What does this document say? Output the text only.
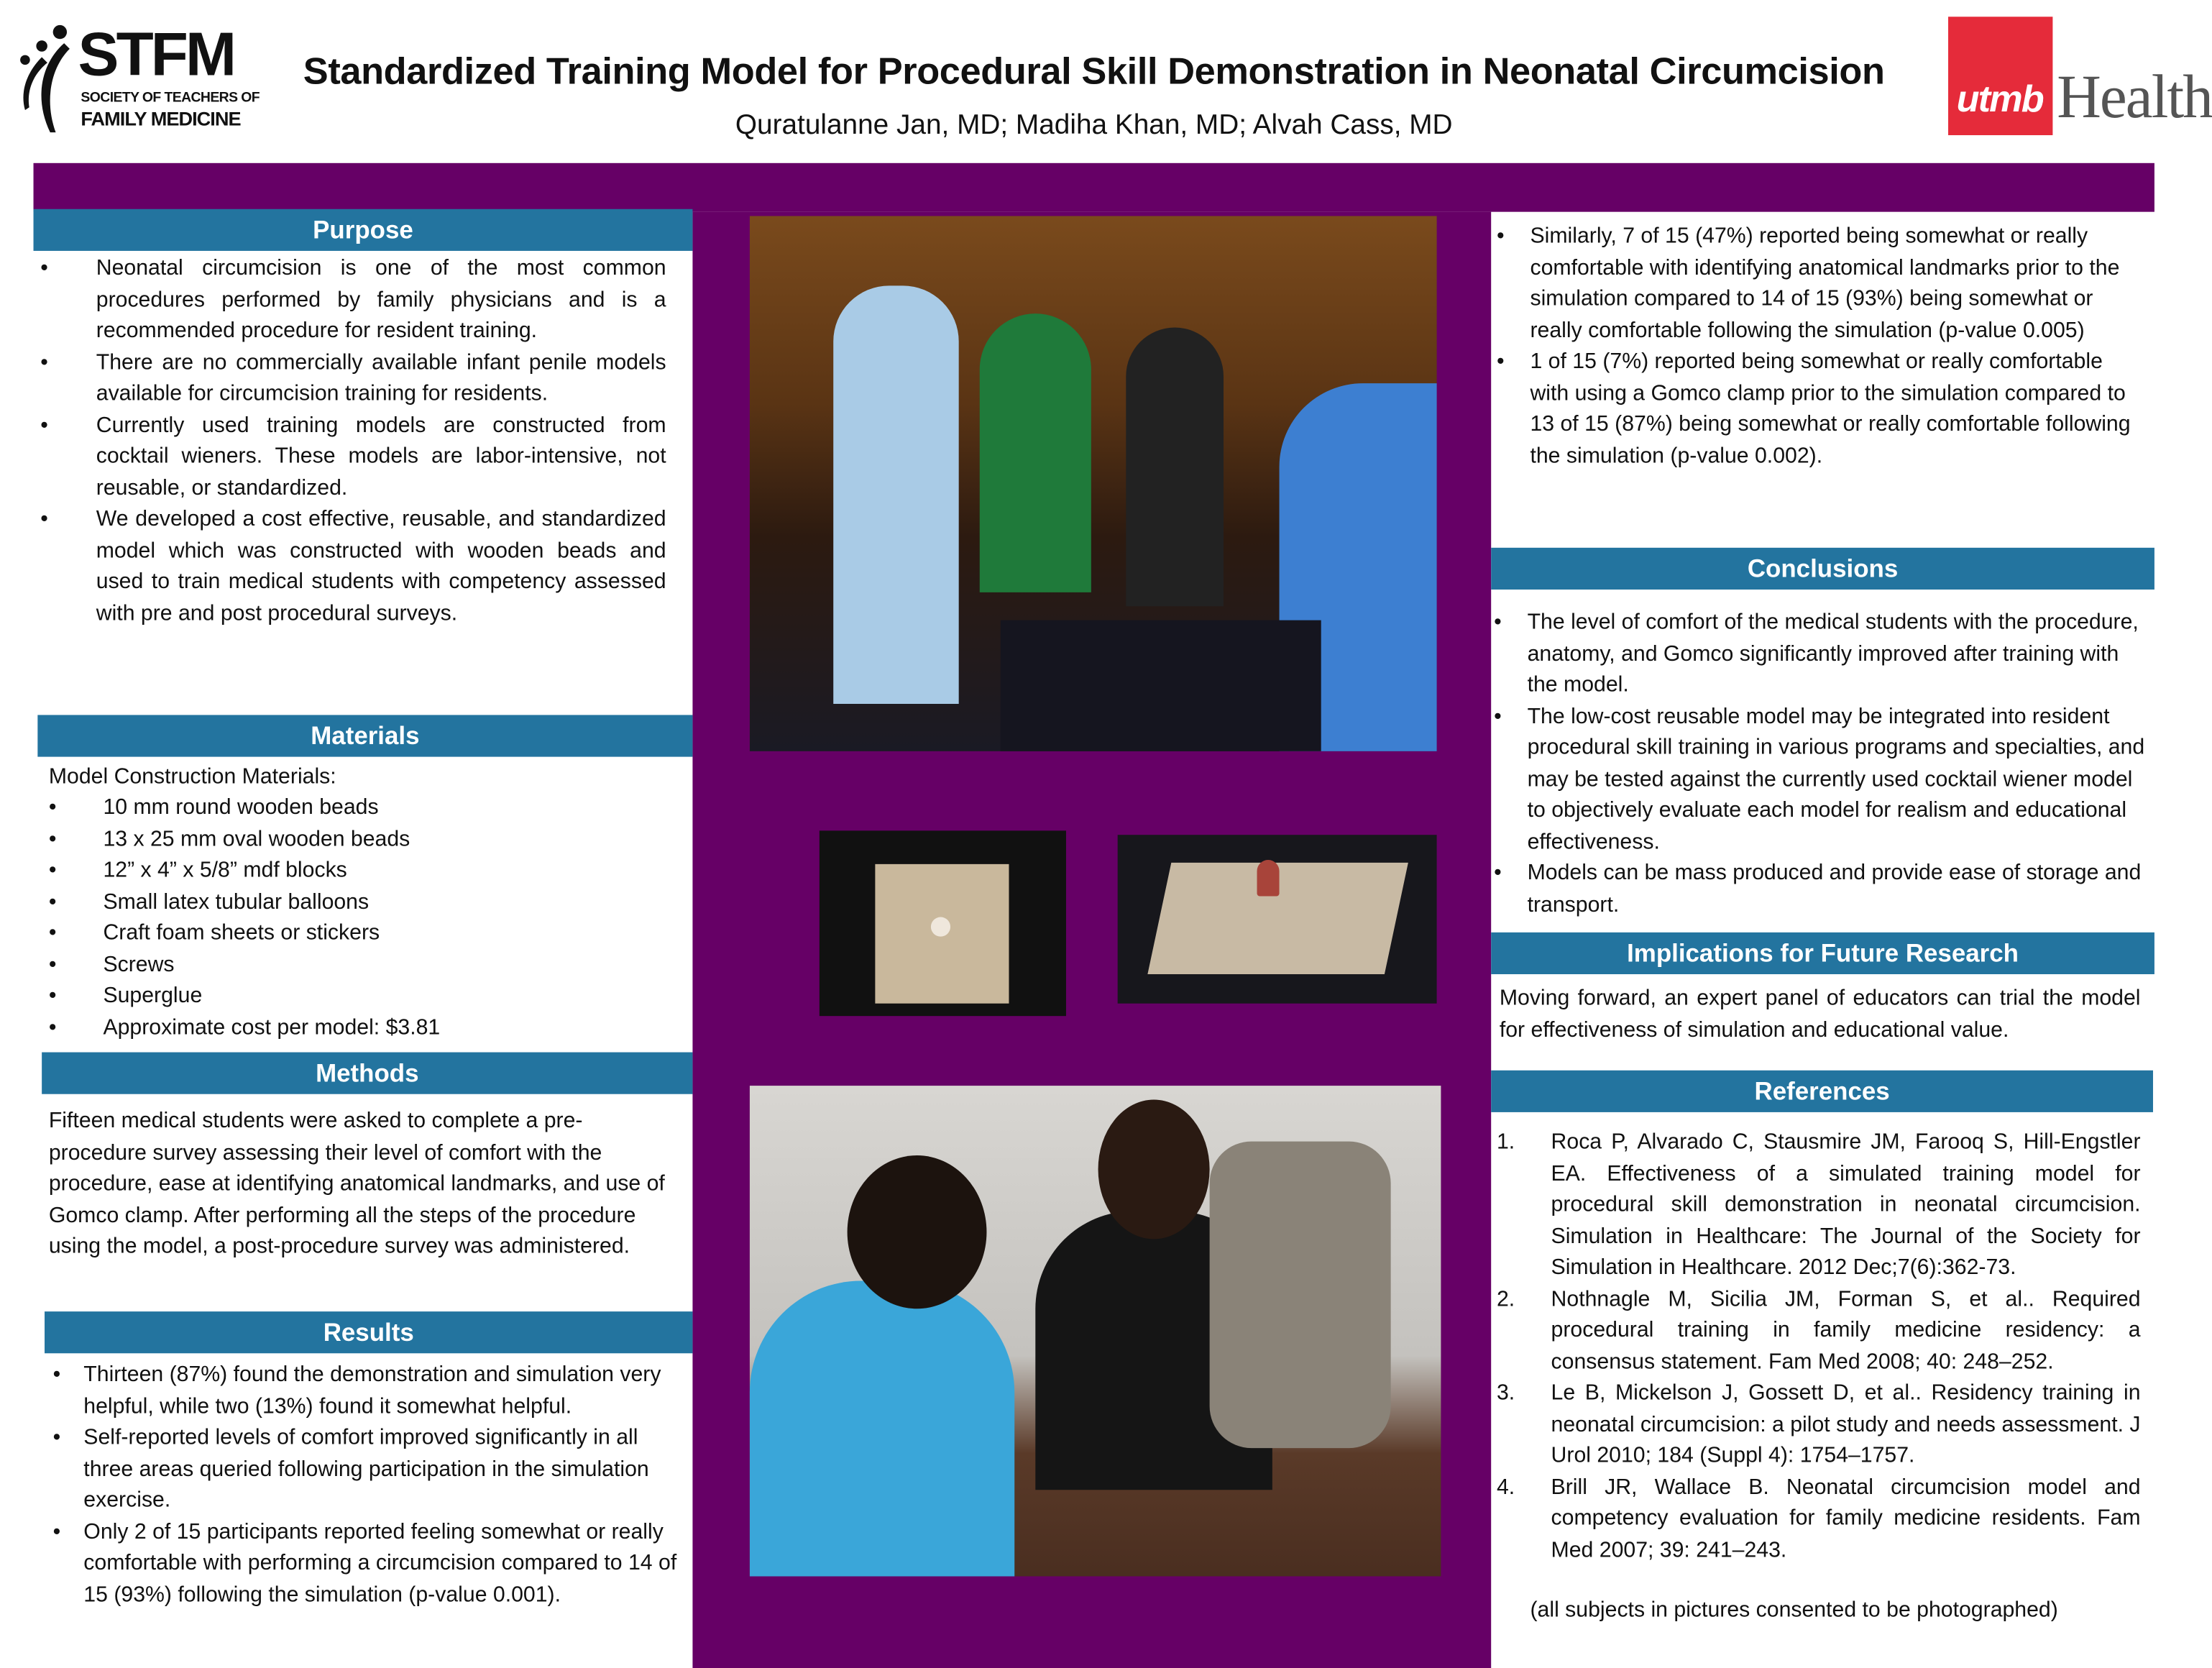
STFM
SOCIETY OF TEACHERS OF
FAMILY MEDICINE
Standardized Training Model for Procedural Skill Demonstration in Neonatal Circumcision
Quratulanne Jan, MD; Madiha Khan, MD; Alvah Cass, MD
utmb Health
Purpose
• Neonatal circumcision is one of the most common procedures performed by family physicians and is a recommended procedure for resident training.
• There are no commercially available infant penile models available for circumcision training for residents.
• Currently used training models are constructed from cocktail wieners. These models are labor-intensive, not reusable, or standardized.
• We developed a cost effective, reusable, and standardized model which was constructed with wooden beads and used to train medical students with competency assessed with pre and post procedural surveys.
Materials
Model Construction Materials:
• 10 mm round wooden beads
• 13 x 25 mm oval wooden beads
• 12” x 4” x 5/8” mdf blocks
• Small latex tubular balloons
• Craft foam sheets or stickers
• Screws
• Superglue
• Approximate cost per model: $3.81
Methods
Fifteen medical students were asked to complete a pre-procedure survey assessing their level of comfort with the procedure, ease at identifying anatomical landmarks, and use of Gomco clamp. After performing all the steps of the procedure using the model, a post-procedure survey was administered.
Results
• Thirteen (87%) found the demonstration and simulation very helpful, while two (13%) found it somewhat helpful.
• Self-reported levels of comfort improved significantly in all three areas queried following participation in the simulation exercise.
• Only 2 of 15 participants reported feeling somewhat or really comfortable with performing a circumcision compared to 14 of 15 (93%) following the simulation (p-value 0.001).
• Similarly, 7 of 15 (47%) reported being somewhat or really comfortable with identifying anatomical landmarks prior to the simulation compared to 14 of 15 (93%) being somewhat or really comfortable following the simulation (p-value 0.005)
• 1 of 15 (7%) reported being somewhat or really comfortable with using a Gomco clamp prior to the simulation compared to 13 of 15 (87%) being somewhat or really comfortable following the simulation (p-value 0.002).
Conclusions
• The level of comfort of the medical students with the procedure, anatomy, and Gomco significantly improved after training with the model.
• The low-cost reusable model may be integrated into resident procedural skill training in various programs and specialties, and may be tested against the currently used cocktail wiener model to objectively evaluate each model for realism and educational effectiveness.
• Models can be mass produced and provide ease of storage and transport.
Implications for Future Research
Moving forward, an expert panel of educators can trial the model for effectiveness of simulation and educational value.
References
1.	Roca P, Alvarado C, Stausmire JM, Farooq S, Hill-Engstler EA. Effectiveness of a simulated training model for procedural skill demonstration in neonatal circumcision. Simulation in Healthcare: The Journal of the Society for Simulation in Healthcare. 2012 Dec;7(6):362-73.
2.	Nothnagle M, Sicilia JM, Forman S, et al.. Required procedural training in family medicine residency: a consensus statement. Fam Med 2008; 40: 248–252.
3.	Le B, Mickelson J, Gossett D, et al.. Residency training in neonatal circumcision: a pilot study and needs assessment. J Urol 2010; 184 (Suppl 4): 1754–1757.
4.	Brill JR, Wallace B. Neonatal circumcision model and competency evaluation for family medicine residents. Fam Med 2007; 39: 241–243.
(all subjects in pictures consented to be photographed)
